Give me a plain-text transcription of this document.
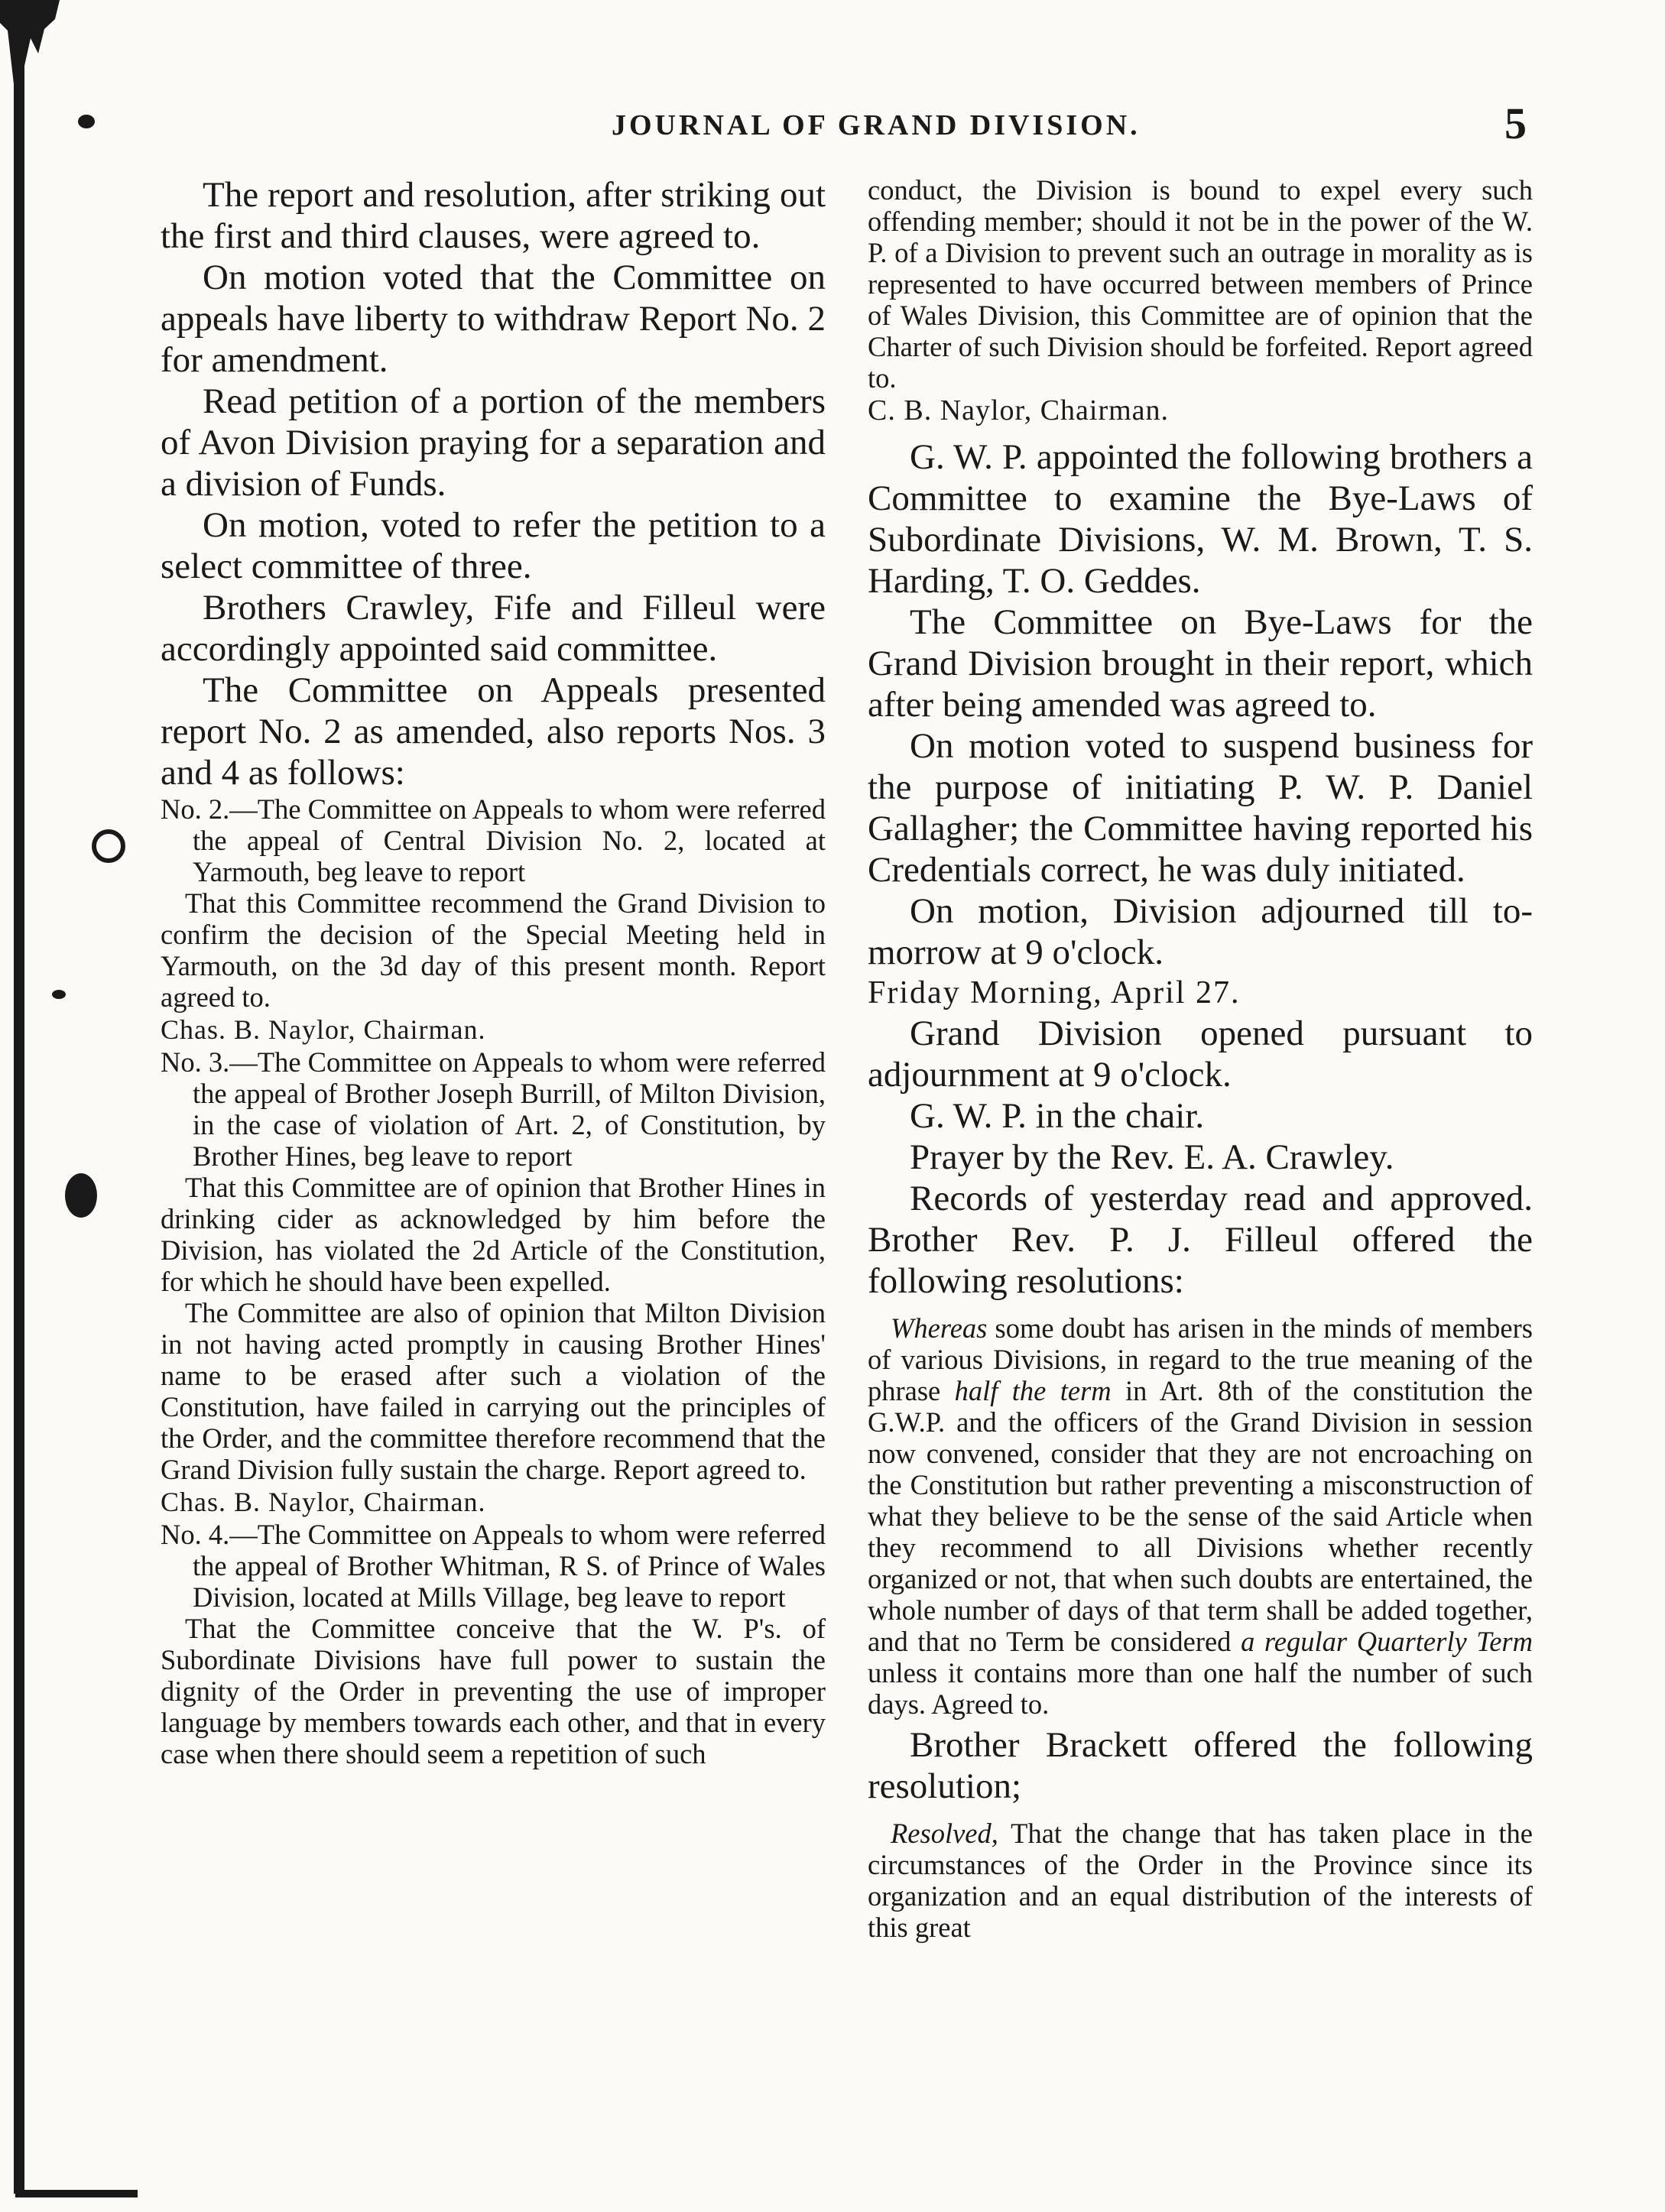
JOURNAL OF GRAND DIVISION.	5

The report and resolution, after striking out the first and third clauses, were agreed to.

On motion voted that the Committee on appeals have liberty to withdraw Report No. 2 for amendment.

Read petition of a portion of the members of Avon Division praying for a separation and a division of Funds.

On motion, voted to refer the petition to a select committee of three.

Brothers Crawley, Fife and Filleul were accordingly appointed said committee.

The Committee on Appeals presented report No. 2 as amended, also reports Nos. 3 and 4 as follows:

No. 2.—The Committee on Appeals to whom were referred the appeal of Central Division No. 2, located at Yarmouth, beg leave to report

That this Committee recommend the Grand Division to confirm the decision of the Special Meeting held in Yarmouth, on the 3d day of this present month. Report agreed to.

Chas. B. Naylor, Chairman.

No. 3.—The Committee on Appeals to whom were referred the appeal of Brother Joseph Burrill, of Milton Division, in the case of violation of Art. 2, of Constitution, by Brother Hines, beg leave to report

That this Committee are of opinion that Brother Hines in drinking cider as acknowledged by him before the Division, has violated the 2d Article of the Constitution, for which he should have been expelled.

The Committee are also of opinion that Milton Division in not having acted promptly in causing Brother Hines' name to be erased after such a violation of the Constitution, have failed in carrying out the principles of the Order, and the committee therefore recommend that the Grand Division fully sustain the charge. Report agreed to.

Chas. B. Naylor, Chairman.

No. 4.—The Committee on Appeals to whom were referred the appeal of Brother Whitman, R S. of Prince of Wales Division, located at Mills Village, beg leave to report

That the Committee conceive that the W. P's. of Subordinate Divisions have full power to sustain the dignity of the Order in preventing the use of improper language by members towards each other, and that in every case when there should seem a repetition of such

conduct, the Division is bound to expel every such offending member; should it not be in the power of the W. P. of a Division to prevent such an outrage in morality as is represented to have occurred between members of Prince of Wales Division, this Committee are of opinion that the Charter of such Division should be forfeited. Report agreed to.

C. B. Naylor, Chairman.

G. W. P. appointed the following brothers a Committee to examine the Bye-Laws of Subordinate Divisions, W. M. Brown, T. S. Harding, T. O. Geddes.

The Committee on Bye-Laws for the Grand Division brought in their report, which after being amended was agreed to.

On motion voted to suspend business for the purpose of initiating P. W. P. Daniel Gallagher; the Committee having reported his Credentials correct, he was duly initiated.

On motion, Division adjourned till to-morrow at 9 o'clock.

Friday Morning, April 27.

Grand Division opened pursuant to adjournment at 9 o'clock.

G. W. P. in the chair.

Prayer by the Rev. E. A. Crawley.

Records of yesterday read and approved. Brother Rev. P. J. Filleul offered the following resolutions:

Whereas some doubt has arisen in the minds of members of various Divisions, in regard to the true meaning of the phrase half the term in Art. 8th of the constitution the G.W.P. and the officers of the Grand Division in session now convened, consider that they are not encroaching on the Constitution but rather preventing a misconstruction of what they believe to be the sense of the said Article when they recommend to all Divisions whether recently organized or not, that when such doubts are entertained, the whole number of days of that term shall be added together, and that no Term be considered a regular Quarterly Term unless it contains more than one half the number of such days. Agreed to.

Brother Brackett offered the following resolution;

Resolved, That the change that has taken place in the circumstances of the Order in the Province since its organization and an equal distribution of the interests of this great
